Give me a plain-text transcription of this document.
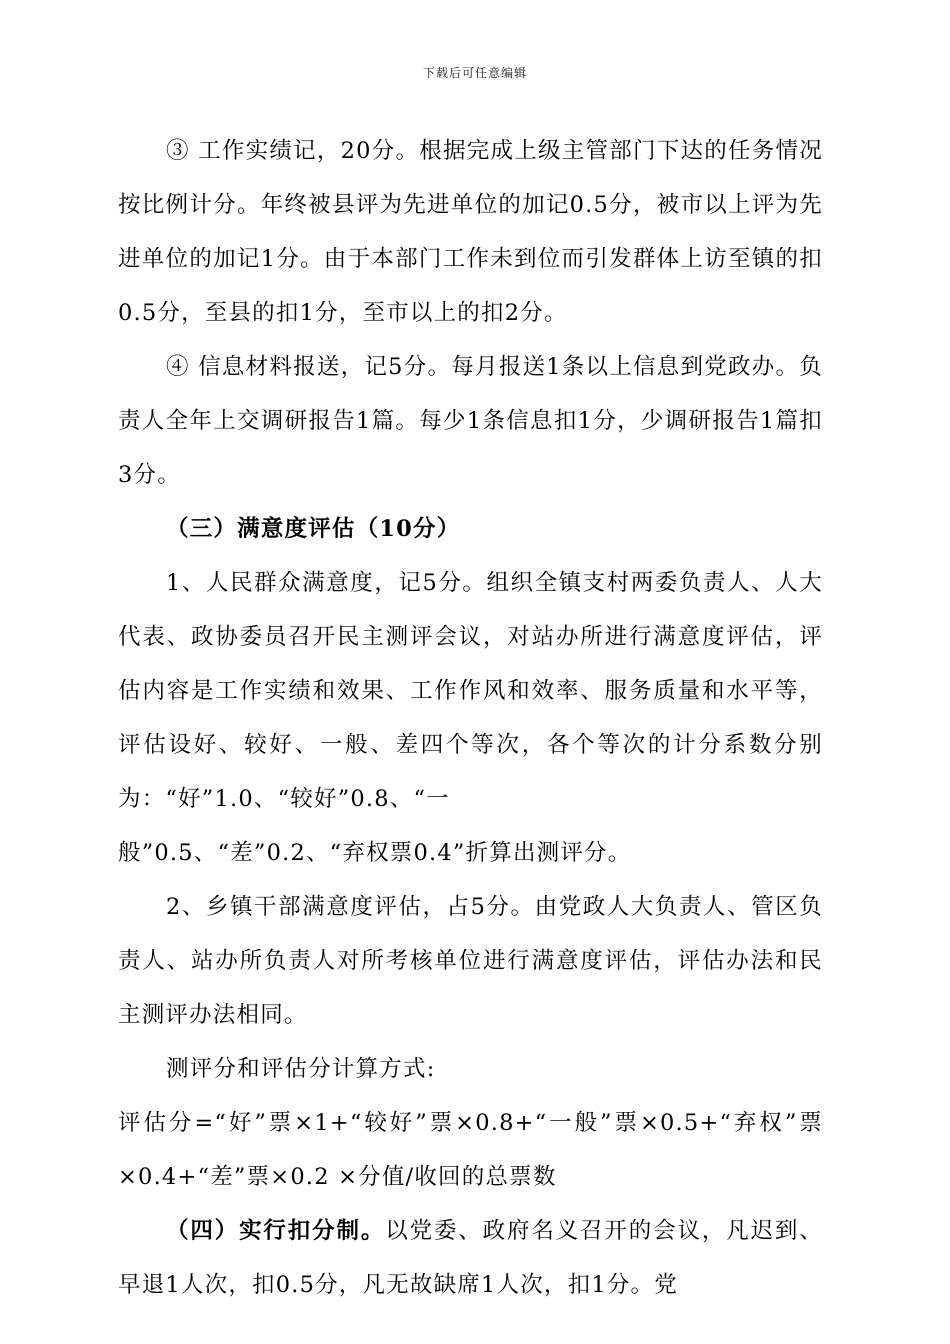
下载后可任意编辑

③ 工作实绩记，20分。根据完成上级主管部门下达的任务情况按比例计分。年终被县评为先进单位的加记0.5分，被市以上评为先进单位的加记1分。由于本部门工作未到位而引发群体上访至镇的扣0.5分，至县的扣1分，至市以上的扣2分。

④ 信息材料报送，记5分。每月报送1条以上信息到党政办。负责人全年上交调研报告1篇。每少1条信息扣1分，少调研报告1篇扣3分。

（三）满意度评估（10分）

1、人民群众满意度，记5分。组织全镇支村两委负责人、人大代表、政协委员召开民主测评会议，对站办所进行满意度评估，评估内容是工作实绩和效果、工作作风和效率、服务质量和水平等，评估设好、较好、一般、差四个等次，各个等次的计分系数分别为：“好”1.0、“较好”0.8、“一

般”0.5、“差”0.2、“弃权票0.4”折算出测评分。

2、乡镇干部满意度评估，占5分。由党政人大负责人、管区负责人、站办所负责人对所考核单位进行满意度评估，评估办法和民主测评办法相同。

测评分和评估分计算方式:

评估分=“好”票×1+“较好”票×0.8+“一般”票×0.5+“弃权”票×0.4+“差”票×0.2 ×分值/收回的总票数

（四）实行扣分制。以党委、政府名义召开的会议，凡迟到、早退1人次，扣0.5分，凡无故缺席1人次，扣1分。党
